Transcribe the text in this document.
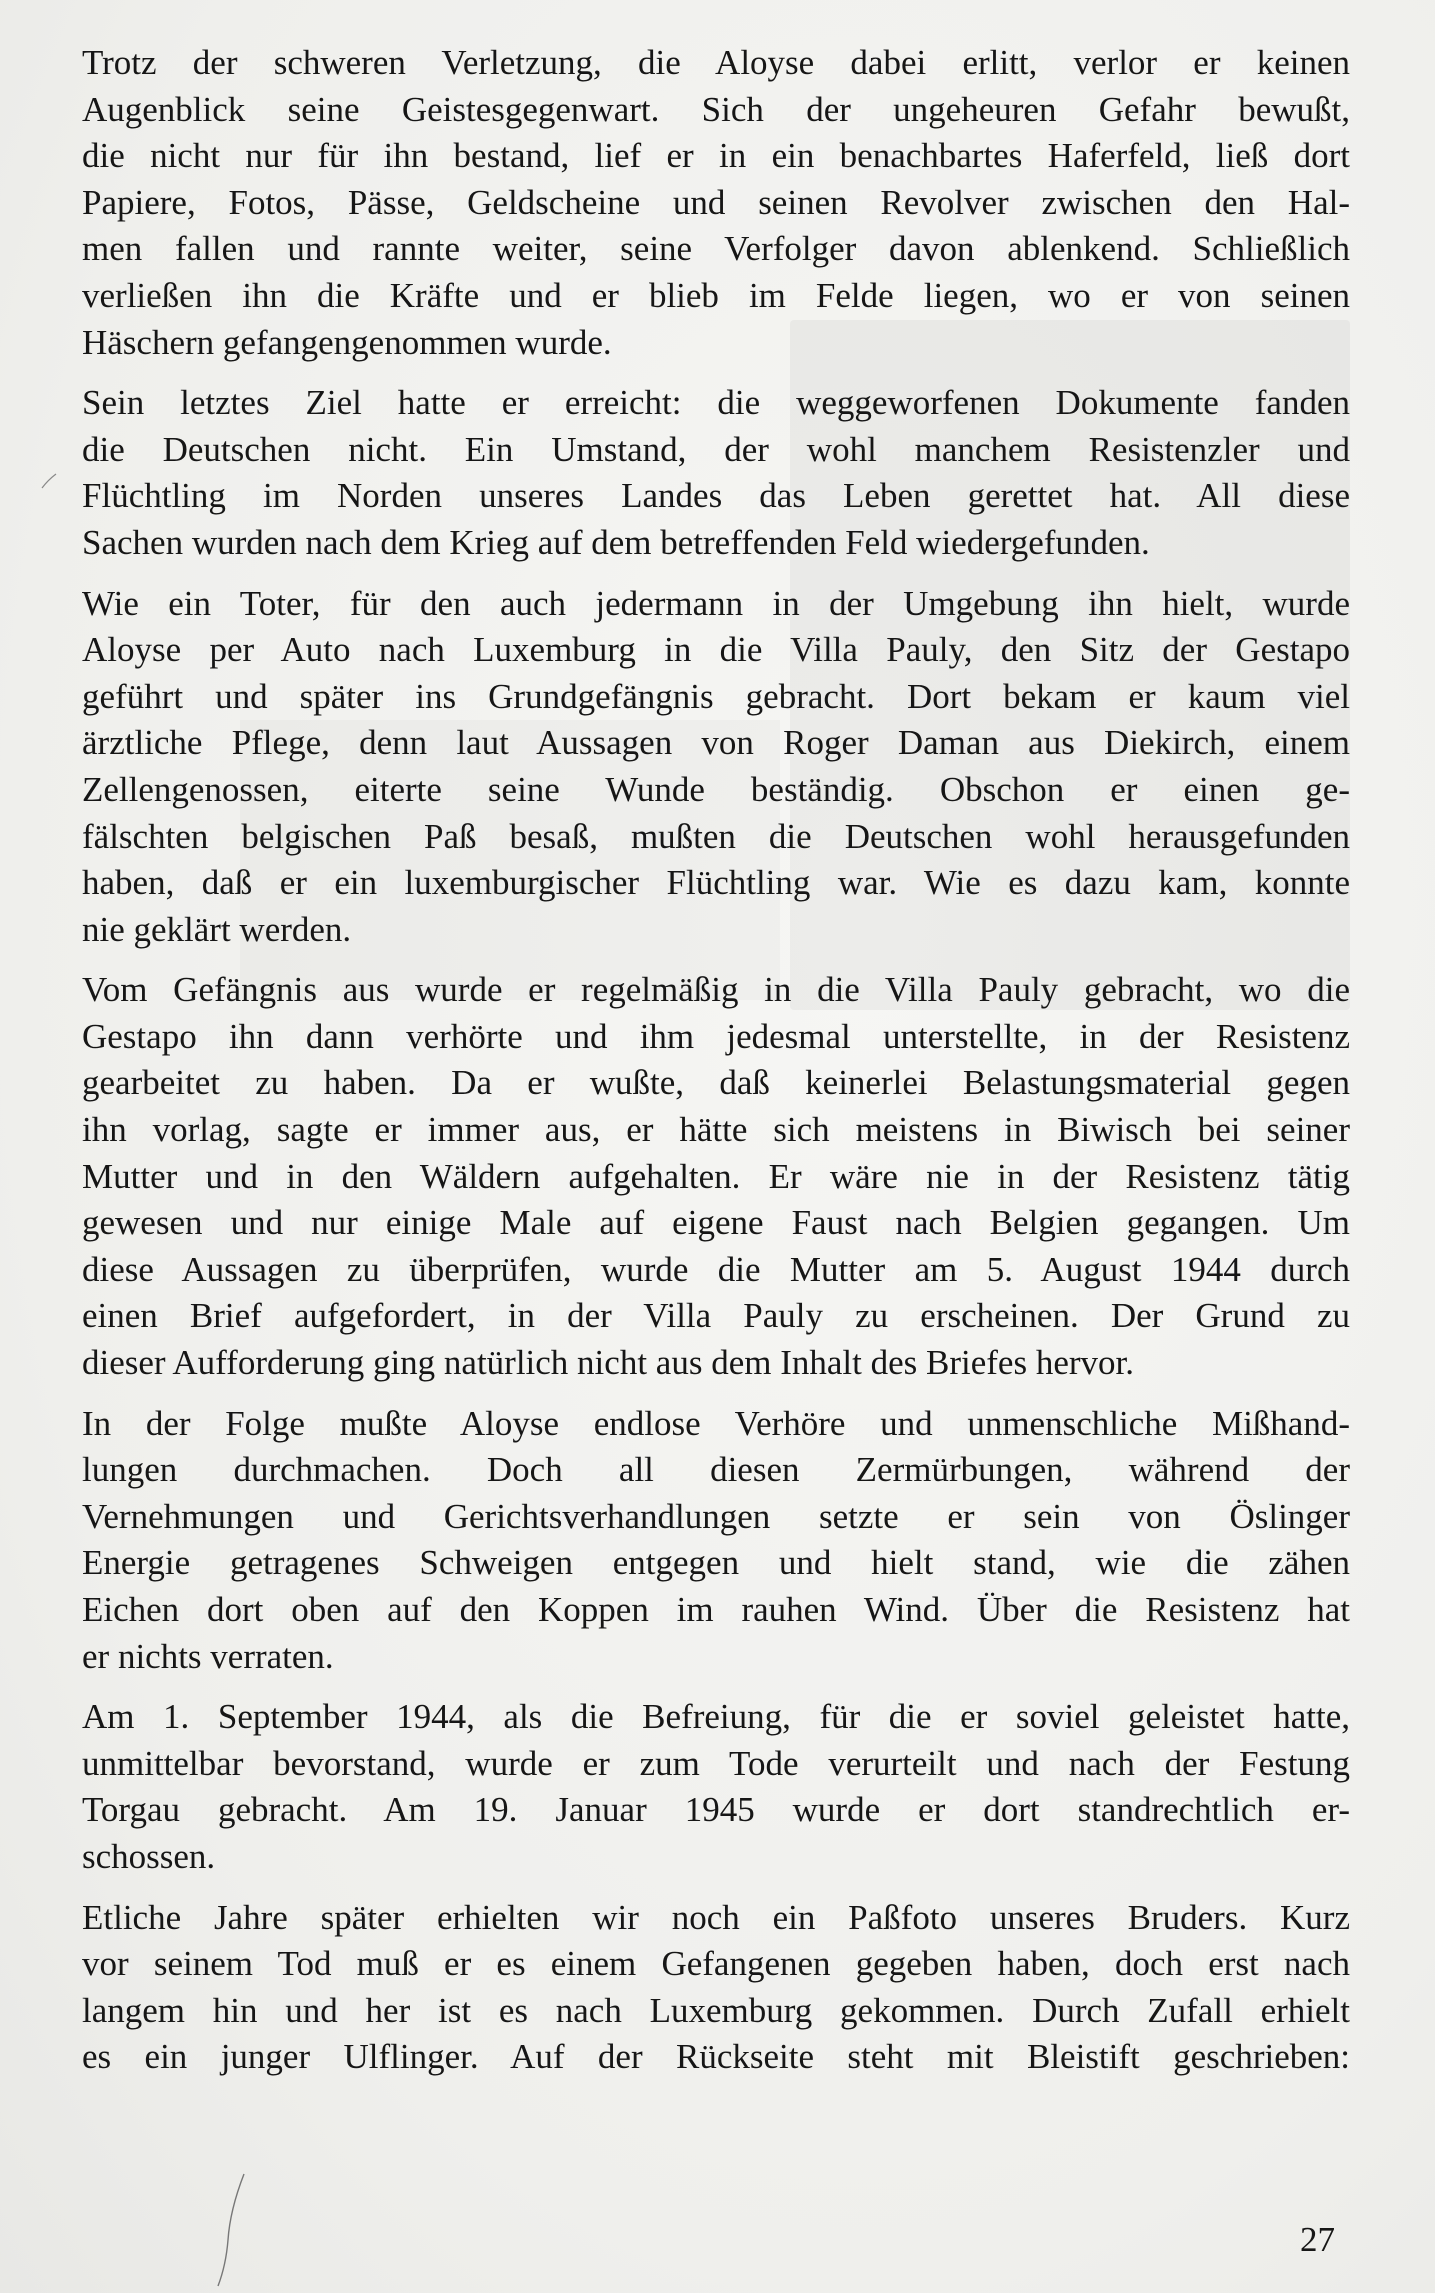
Trotz der schweren Verletzung, die Aloyse dabei erlitt, verlor er keinen
Augenblick seine Geistesgegenwart. Sich der ungeheuren Gefahr bewußt,
die nicht nur für ihn bestand, lief er in ein benachbartes Haferfeld, ließ dort
Papiere, Fotos, Pässe, Geldscheine und seinen Revolver zwischen den Hal-
men fallen und rannte weiter, seine Verfolger davon ablenkend. Schließlich
verließen ihn die Kräfte und er blieb im Felde liegen, wo er von seinen
Häschern gefangengenommen wurde.
Sein letztes Ziel hatte er erreicht: die weggeworfenen Dokumente fanden
die Deutschen nicht. Ein Umstand, der wohl manchem Resistenzler und
Flüchtling im Norden unseres Landes das Leben gerettet hat. All diese
Sachen wurden nach dem Krieg auf dem betreffenden Feld wiedergefunden.
Wie ein Toter, für den auch jedermann in der Umgebung ihn hielt, wurde
Aloyse per Auto nach Luxemburg in die Villa Pauly, den Sitz der Gestapo
geführt und später ins Grundgefängnis gebracht. Dort bekam er kaum viel
ärztliche Pflege, denn laut Aussagen von Roger Daman aus Diekirch, einem
Zellengenossen, eiterte seine Wunde beständig. Obschon er einen ge-
fälschten belgischen Paß besaß, mußten die Deutschen wohl herausgefunden
haben, daß er ein luxemburgischer Flüchtling war. Wie es dazu kam, konnte
nie geklärt werden.
Vom Gefängnis aus wurde er regelmäßig in die Villa Pauly gebracht, wo die
Gestapo ihn dann verhörte und ihm jedesmal unterstellte, in der Resistenz
gearbeitet zu haben. Da er wußte, daß keinerlei Belastungsmaterial gegen
ihn vorlag, sagte er immer aus, er hätte sich meistens in Biwisch bei seiner
Mutter und in den Wäldern aufgehalten. Er wäre nie in der Resistenz tätig
gewesen und nur einige Male auf eigene Faust nach Belgien gegangen. Um
diese Aussagen zu überprüfen, wurde die Mutter am 5. August 1944 durch
einen Brief aufgefordert, in der Villa Pauly zu erscheinen. Der Grund zu
dieser Aufforderung ging natürlich nicht aus dem Inhalt des Briefes hervor.
In der Folge mußte Aloyse endlose Verhöre und unmenschliche Mißhand-
lungen durchmachen. Doch all diesen Zermürbungen, während der
Vernehmungen und Gerichtsverhandlungen setzte er sein von Öslinger
Energie getragenes Schweigen entgegen und hielt stand, wie die zähen
Eichen dort oben auf den Koppen im rauhen Wind. Über die Resistenz hat
er nichts verraten.
Am 1. September 1944, als die Befreiung, für die er soviel geleistet hatte,
unmittelbar bevorstand, wurde er zum Tode verurteilt und nach der Festung
Torgau gebracht. Am 19. Januar 1945 wurde er dort standrechtlich er-
schossen.
Etliche Jahre später erhielten wir noch ein Paßfoto unseres Bruders. Kurz
vor seinem Tod muß er es einem Gefangenen gegeben haben, doch erst nach
langem hin und her ist es nach Luxemburg gekommen. Durch Zufall erhielt
es ein junger Ulflinger. Auf der Rückseite steht mit Bleistift geschrieben:
27
